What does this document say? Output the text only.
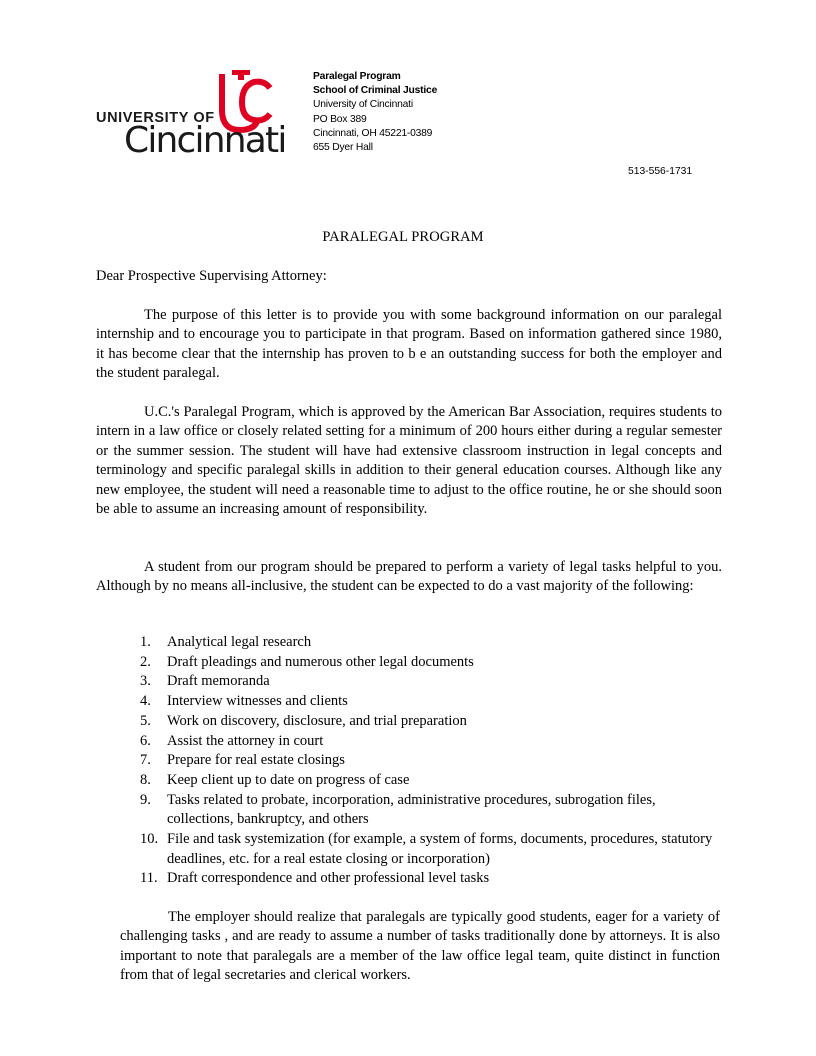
UNIVERSITY OF
Cincinnati
Paralegal Program
School of Criminal Justice
University of Cincinnati
PO Box 389
Cincinnati, OH 45221-0389
655 Dyer Hall
513-556-1731
PARALEGAL PROGRAM
Dear Prospective Supervising Attorney:

The purpose of this letter is to provide you with some background information on our paralegal internship and to encourage you to participate in that program. Based on information gathered since 1980, it has become clear that the internship has proven to b e an outstanding success for both the employer and the student paralegal.

U.C.'s Paralegal Program, which is approved by the American Bar Association, requires students to intern in a law office or closely related setting for a minimum of 200 hours either during a regular semester or the summer session. The student will have had extensive classroom instruction in legal concepts and terminology and specific paralegal skills in addition to their general education courses. Although like any new employee, the student will need a reasonable time to adjust to the office routine, he or she should soon be able to assume an increasing amount of responsibility.

A student from our program should be prepared to perform a variety of legal tasks helpful to you. Although by no means all-inclusive, the student can be expected to do a vast majority of the following:

1. Analytical legal research
2. Draft pleadings and numerous other legal documents
3. Draft memoranda
4. Interview witnesses and clients
5. Work on discovery, disclosure, and trial preparation
6. Assist the attorney in court
7. Prepare for real estate closings
8. Keep client up to date on progress of case
9. Tasks related to probate, incorporation, administrative procedures, subrogation files, collections, bankruptcy, and others
10. File and task systemization (for example, a system of forms, documents, procedures, statutory deadlines, etc. for a real estate closing or incorporation)
11. Draft correspondence and other professional level tasks

The employer should realize that paralegals are typically good students, eager for a variety of challenging tasks , and are ready to assume a number of tasks traditionally done by attorneys. It is also important to note that paralegals are a member of the law office legal team, quite distinct in function from that of legal secretaries and clerical workers.
